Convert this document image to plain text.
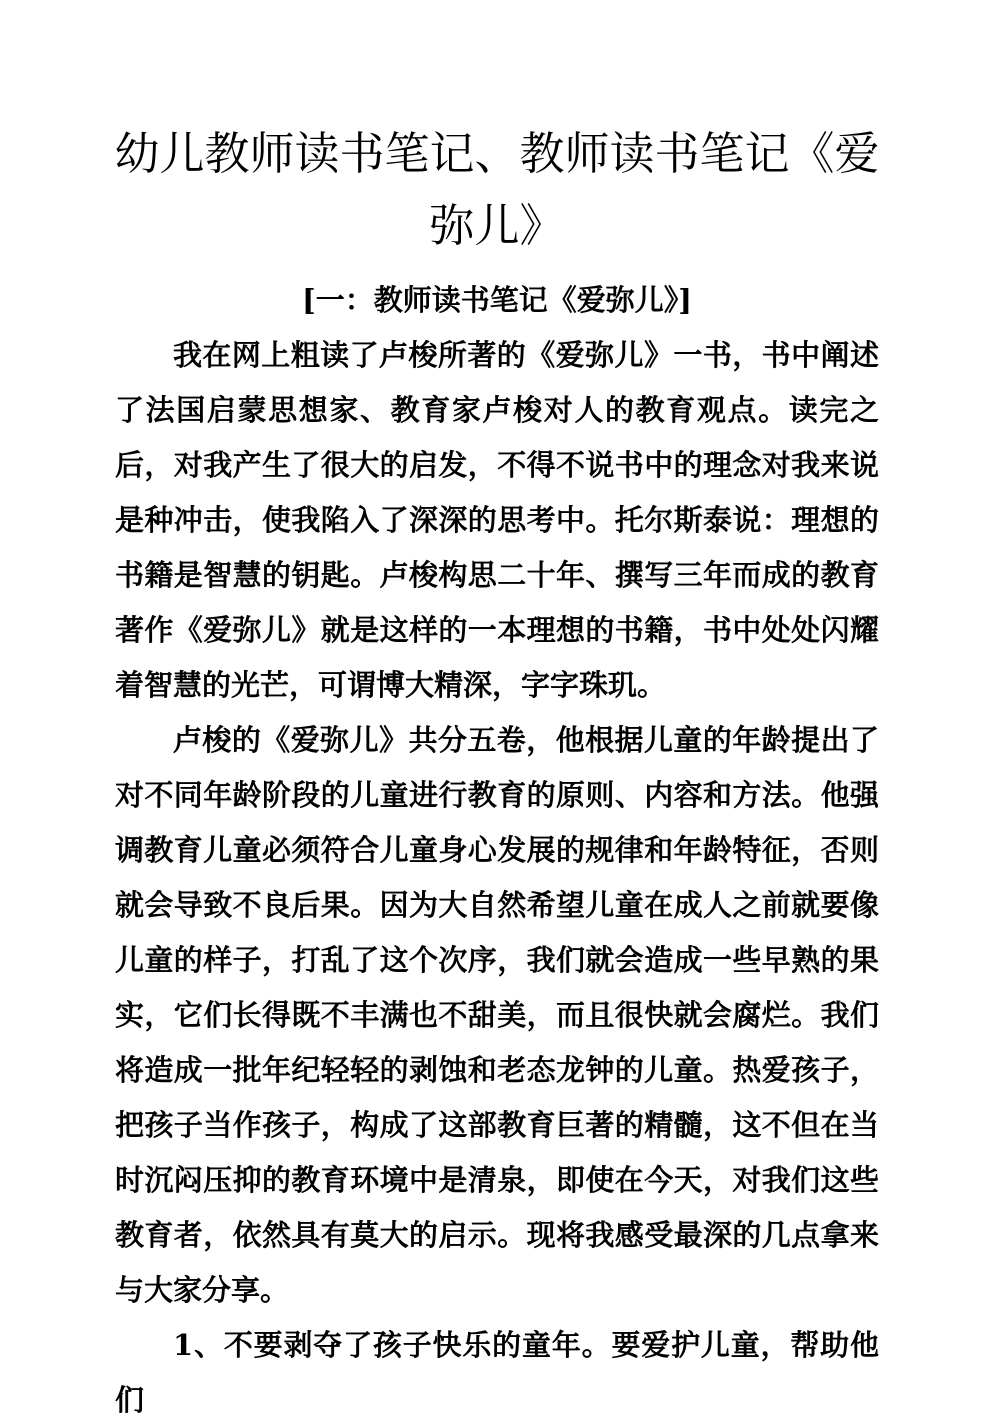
幼儿教师读书笔记、教师读书笔记《爱弥儿》
[一：教师读书笔记《爱弥儿》]

我在网上粗读了卢梭所著的《爱弥儿》一书，书中阐述了法国启蒙思想家、教育家卢梭对人的教育观点。读完之后，对我产生了很大的启发，不得不说书中的理念对我来说是种冲击，使我陷入了深深的思考中。托尔斯泰说：理想的书籍是智慧的钥匙。卢梭构思二十年、撰写三年而成的教育著作《爱弥儿》就是这样的一本理想的书籍，书中处处闪耀着智慧的光芒，可谓博大精深，字字珠玑。

卢梭的《爱弥儿》共分五卷，他根据儿童的年龄提出了对不同年龄阶段的儿童进行教育的原则、内容和方法。他强调教育儿童必须符合儿童身心发展的规律和年龄特征，否则就会导致不良后果。因为大自然希望儿童在成人之前就要像儿童的样子，打乱了这个次序，我们就会造成一些早熟的果实，它们长得既不丰满也不甜美，而且很快就会腐烂。我们将造成一批年纪轻轻的剥蚀和老态龙钟的儿童。热爱孩子，把孩子当作孩子，构成了这部教育巨著的精髓，这不但在当时沉闷压抑的教育环境中是清泉，即使在今天，对我们这些教育者，依然具有莫大的启示。现将我感受最深的几点拿来与大家分享。

1、不要剥夺了孩子快乐的童年。要爱护儿童，帮助他们
